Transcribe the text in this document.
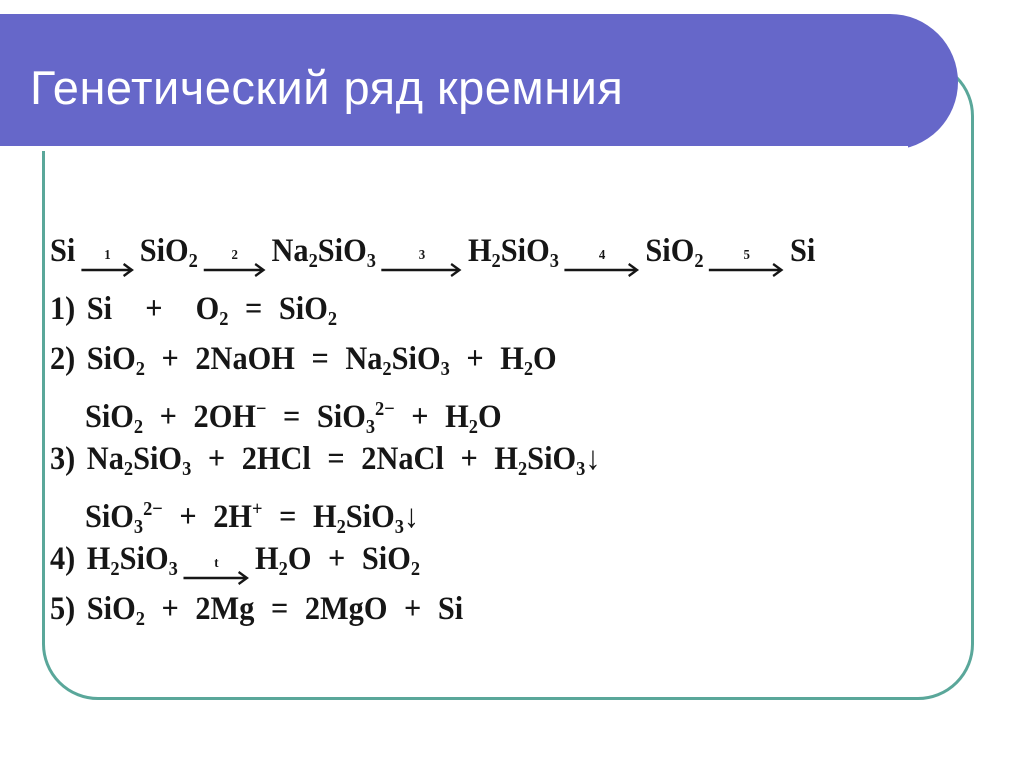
Генетический ряд кремния
Si 1 SiO$_2$ 2 $Na_2SiO_3$	3 $H_2SiO_3$	4 SiO$_2$	5 Si
1) $Si + O_2 = SiO_2$
2) SiO$_2$ + 2NaOH = $Na_2SiO_3 + H_2O$
$SiO_2 + 2OH^- = SiO_3^{2-} + H_2O$
3) $Na_2SiO_3 + 2HCl$ = 2NaCl + $H_2SiO_3↓$
$SiO_3^{2-} + 2H^+ = H_2SiO_3↓$
4) $H_2SiO_3$	t $H_2O + SiO_2$
5) SiO$_2$ + 2Mg = 2MgO + Si
